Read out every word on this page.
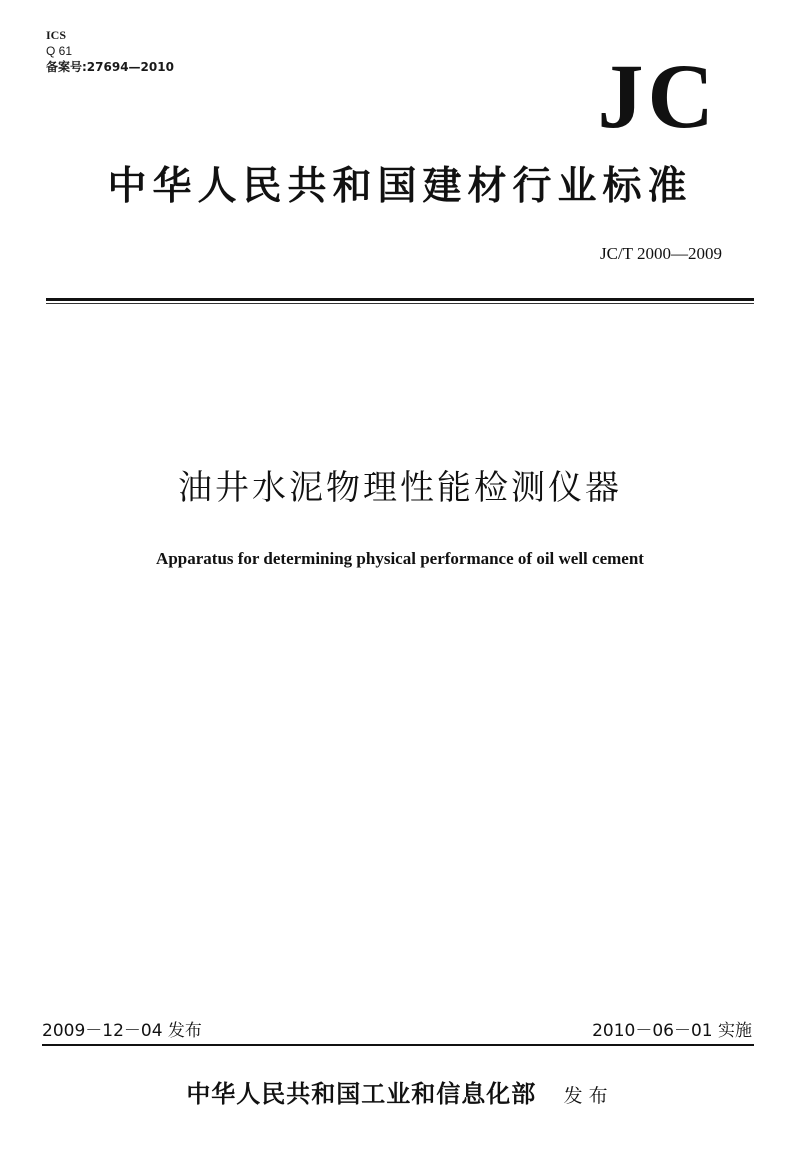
ICS
Q 61
备案号:27694—2010	JC
中华人民共和国建材行业标准
JC/T 2000—2009
油井水泥物理性能检测仪器
Apparatus for determining physical performance of oil well cement
2009－12－04 发布	2010－06－01 实施
中华人民共和国工业和信息化部 发布
